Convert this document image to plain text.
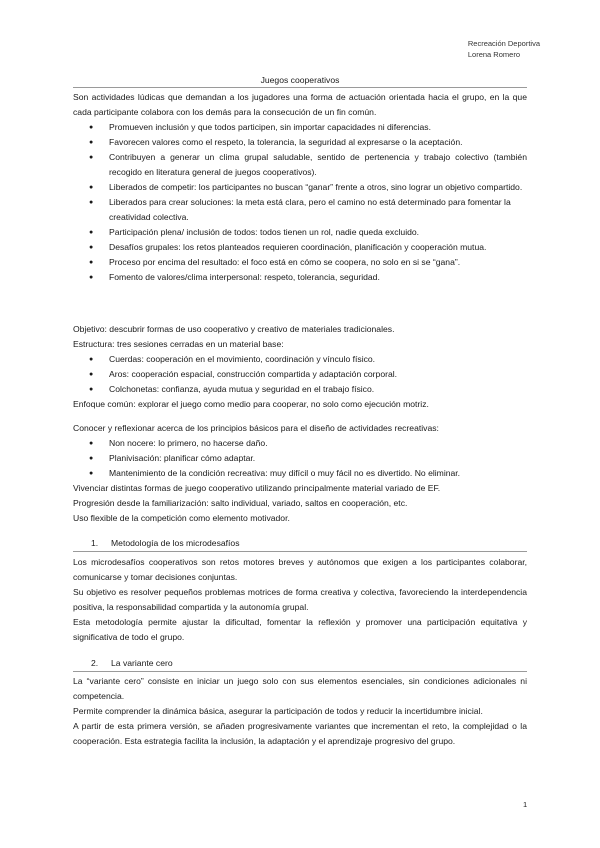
Recreación Deportiva
Lorena Romero
Juegos cooperativos

Son actividades lúdicas que demandan a los jugadores una forma de actuación orientada hacia el grupo, en la que cada participante colabora con los demás para la consecución de un fin común.

● Promueven inclusión y que todos participen, sin importar capacidades ni diferencias.
● Favorecen valores como el respeto, la tolerancia, la seguridad al expresarse o la aceptación.
● Contribuyen a generar un clima grupal saludable, sentido de pertenencia y trabajo colectivo (también recogido en literatura general de juegos cooperativos).
● Liberados de competir: los participantes no buscan “ganar” frente a otros, sino lograr un objetivo compartido.
● Liberados para crear soluciones: la meta está clara, pero el camino no está determinado para fomentar la creatividad colectiva.
● Participación plena/ inclusión de todos: todos tienen un rol, nadie queda excluido.
● Desafíos grupales: los retos planteados requieren coordinación, planificación y cooperación mutua.
● Proceso por encima del resultado: el foco está en cómo se coopera, no solo en si se “gana”.
● Fomento de valores/clima interpersonal: respeto, tolerancia, seguridad.

Objetivo: descubrir formas de uso cooperativo y creativo de materiales tradicionales.

Estructura: tres sesiones cerradas en un material base:

● Cuerdas: cooperación en el movimiento, coordinación y vínculo físico.
● Aros: cooperación espacial, construcción compartida y adaptación corporal.
● Colchonetas: confianza, ayuda mutua y seguridad en el trabajo físico.

Enfoque común: explorar el juego como medio para cooperar, no solo como ejecución motriz.

Conocer y reflexionar acerca de los principios básicos para el diseño de actividades recreativas:

● Non nocere: lo primero, no hacerse daño.
● Planivisación: planificar cómo adaptar.
● Mantenimiento de la condición recreativa: muy difícil o muy fácil no es divertido. No eliminar.

Vivenciar distintas formas de juego cooperativo utilizando principalmente material variado de EF.

Progresión desde la familiarización: salto individual, variado, saltos en cooperación, etc.

Uso flexible de la competición como elemento motivador.

1. Metodología de los microdesafíos

Los microdesafíos cooperativos son retos motores breves y autónomos que exigen a los participantes colaborar, comunicarse y tomar decisiones conjuntas.

Su objetivo es resolver pequeños problemas motrices de forma creativa y colectiva, favoreciendo la interdependencia positiva, la responsabilidad compartida y la autonomía grupal.

Esta metodología permite ajustar la dificultad, fomentar la reflexión y promover una participación equitativa y significativa de todo el grupo.

2. La variante cero

La “variante cero” consiste en iniciar un juego solo con sus elementos esenciales, sin condiciones adicionales ni competencia.

Permite comprender la dinámica básica, asegurar la participación de todos y reducir la incertidumbre inicial.

A partir de esta primera versión, se añaden progresivamente variantes que incrementan el reto, la complejidad o la cooperación. Esta estrategia facilita la inclusión, la adaptación y el aprendizaje progresivo del grupo.

1
